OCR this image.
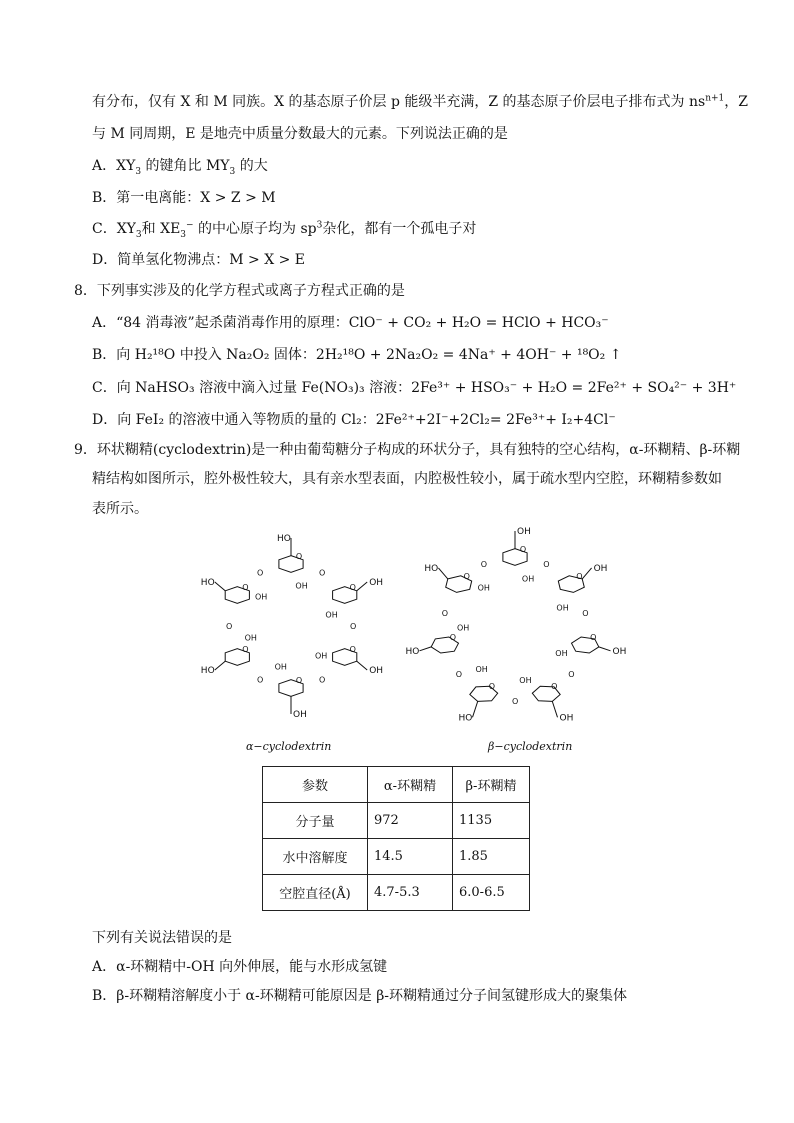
有分布，仅有 X 和 M 同族。X 的基态原子价层 p 能级半充满，Z 的基态原子价层电子排布式为 $ns^{n+1}$，Z
与 M 同周期，E 是地壳中质量分数最大的元素。下列说法正确的是
A．$XY_3$ 的键角比 $MY_3$ 的大
B．第一电离能：X > Z > M
C．$XY_3$和 $XE_3^-$ 的中心原子均为 $sp^3$杂化，都有一个孤电子对
D．简单氢化物沸点：M > X > E
8．下列事实涉及的化学方程式或离子方程式正确的是
A．“84 消毒液”起杀菌消毒作用的原理：ClO⁻ + CO₂ + H₂O = HClO + HCO₃⁻
B．向 H₂¹⁸O 中投入 Na₂O₂ 固体：2H₂¹⁸O + 2Na₂O₂ = 4Na⁺ + 4OH⁻ + ¹⁸O₂ ↑
C．向 NaHSO₃ 溶液中滴入过量 Fe(NO₃)₃ 溶液：2Fe³⁺ + HSO₃⁻ + H₂O = 2Fe²⁺ + SO₄²⁻ + 3H⁺
D．向 FeI₂ 的溶液中通入等物质的量的 Cl₂：2Fe²⁺+2I⁻+2Cl₂= 2Fe³⁺+ I₂+4Cl⁻
9．环状糊精(cyclodextrin)是一种由葡萄糖分子构成的环状分子，具有独特的空心结构，α-环糊精、β-环糊
精结构如图所示，腔外极性较大，具有亲水型表面，内腔极性较小，属于疏水型内空腔，环糊精参数如
表所示。
O
OH
OH
O
O
OH
OH
O
O
HO
OH
O
O
HO
OH
O
O
HO
OH
O
O OH
OH
O
α−cyclodextrin
O
OH
OH
O
O
OH
OH
O
O
OH
OH
O
O
OH
OH
O
O
HO
OH
O
O
HO
OH
O
O
HO
OH
O
β−cyclodextrin
参数	α-环糊精	β-环糊精
分子量	972	1135
水中溶解度	14.5	1.85
空腔直径(Å)	4.7-5.3	6.0-6.5
下列有关说法错误的是
A．α-环糊精中-OH 向外伸展，能与水形成氢键
B．β-环糊精溶解度小于 α-环糊精可能原因是 β-环糊精通过分子间氢键形成大的聚集体
